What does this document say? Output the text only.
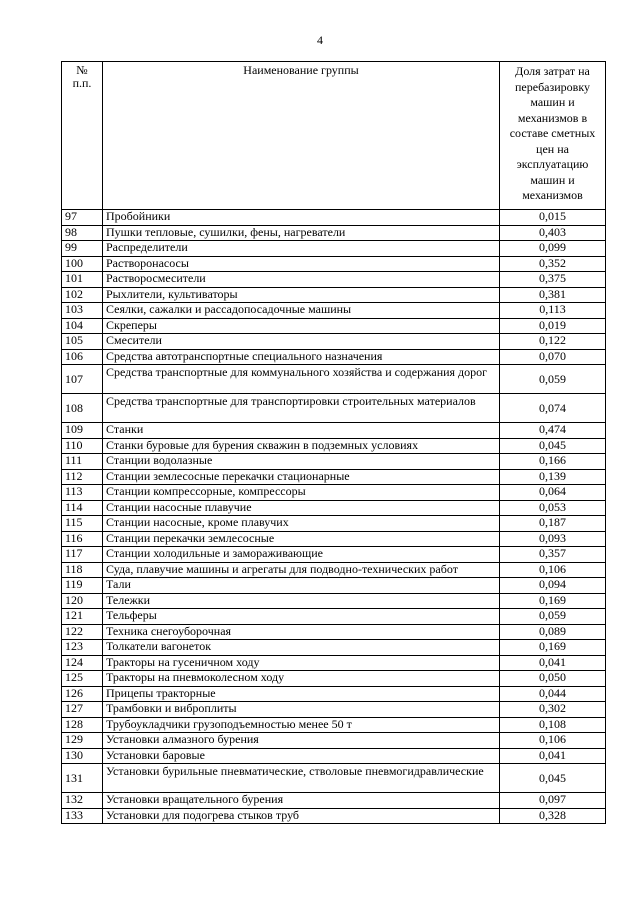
4
№
п.п.	Наименование группы	Доля затрат на перебазировку машин и механизмов в составе сметных цен на эксплуатацию машин и механизмов
97	Пробойники	0,015
98	Пушки тепловые, сушилки, фены, нагреватели	0,403
99	Распределители	0,099
100	Растворонасосы	0,352
101	Растворосмесители	0,375
102	Рыхлители, культиваторы	0,381
103	Сеялки, сажалки и рассадопосадочные машины	0,113
104	Скреперы	0,019
105	Смесители	0,122
106	Средства автотранспортные специального назначения	0,070
107	Средства транспортные для коммунального хозяйства и содержания дорог	0,059
108	Средства транспортные для транспортировки строительных материалов	0,074
109	Станки	0,474
110	Станки буровые для бурения скважин в подземных условиях	0,045
111	Станции водолазные	0,166
112	Станции землесосные перекачки стационарные	0,139
113	Станции компрессорные, компрессоры	0,064
114	Станции насосные плавучие	0,053
115	Станции насосные, кроме плавучих	0,187
116	Станции перекачки землесосные	0,093
117	Станции холодильные и замораживающие	0,357
118	Суда, плавучие машины и агрегаты для подводно-технических работ	0,106
119	Тали	0,094
120	Тележки	0,169
121	Тельферы	0,059
122	Техника снегоуборочная	0,089
123	Толкатели вагонеток	0,169
124	Тракторы на гусеничном ходу	0,041
125	Тракторы на пневмоколесном ходу	0,050
126	Прицепы тракторные	0,044
127	Трамбовки и виброплиты	0,302
128	Трубоукладчики грузоподъемностью менее 50 т	0,108
129	Установки алмазного бурения	0,106
130	Установки баровые	0,041
131	Установки бурильные пневматические, стволовые пневмогидравлические	0,045
132	Установки вращательного бурения	0,097
133	Установки для подогрева стыков труб	0,328
